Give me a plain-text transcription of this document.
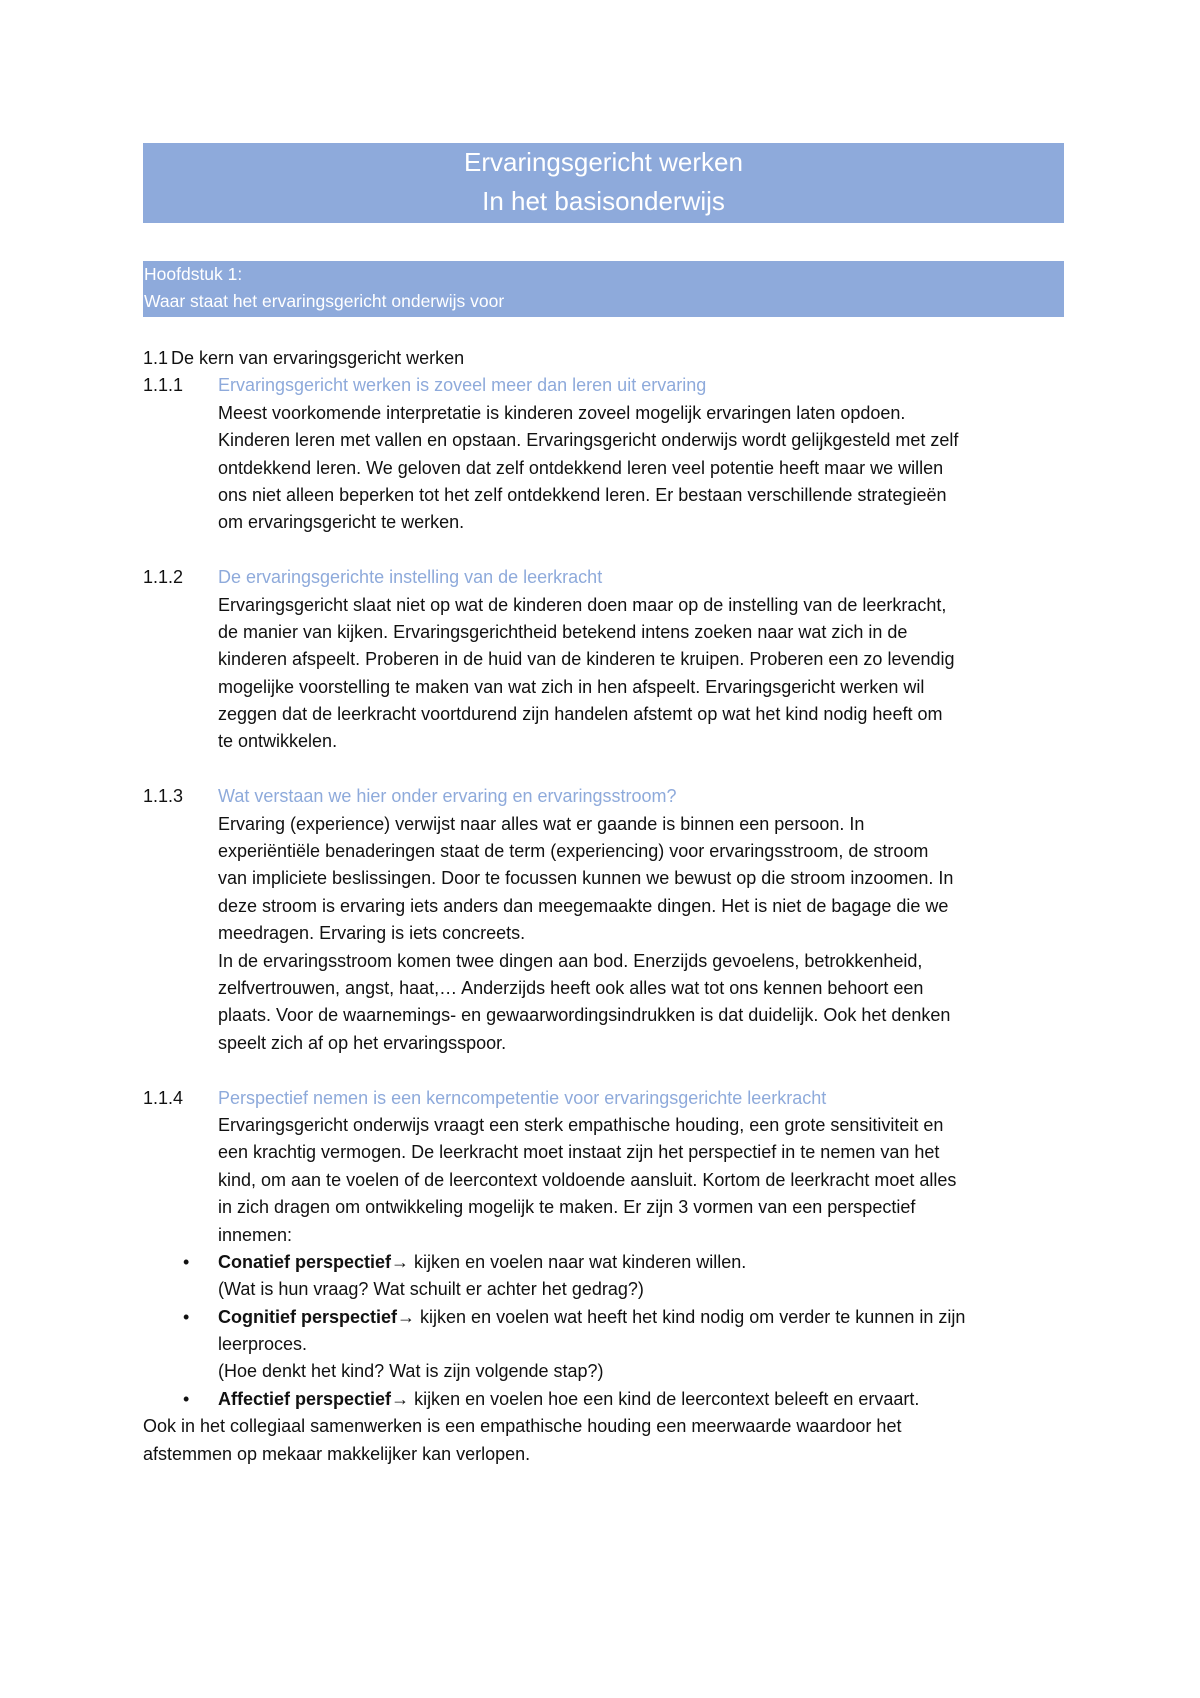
Ervaringsgericht werken
In het basisonderwijs
Hoofdstuk 1:
Waar staat het ervaringsgericht onderwijs voor
1.1 De kern van ervaringsgericht werken
1.1.1 Ervaringsgericht werken is zoveel meer dan leren uit ervaring
Meest voorkomende interpretatie is kinderen zoveel mogelijk ervaringen laten opdoen.
Kinderen leren met vallen en opstaan. Ervaringsgericht onderwijs wordt gelijkgesteld met zelf
ontdekkend leren. We geloven dat zelf ontdekkend leren veel potentie heeft maar we willen
ons niet alleen beperken tot het zelf ontdekkend leren. Er bestaan verschillende strategieën
om ervaringsgericht te werken.
1.1.2 De ervaringsgerichte instelling van de leerkracht
Ervaringsgericht slaat niet op wat de kinderen doen maar op de instelling van de leerkracht,
de manier van kijken. Ervaringsgerichtheid betekend intens zoeken naar wat zich in de
kinderen afspeelt. Proberen in de huid van de kinderen te kruipen. Proberen een zo levendig
mogelijke voorstelling te maken van wat zich in hen afspeelt. Ervaringsgericht werken wil
zeggen dat de leerkracht voortdurend zijn handelen afstemt op wat het kind nodig heeft om
te ontwikkelen.
1.1.3 Wat verstaan we hier onder ervaring en ervaringsstroom?
Ervaring (experience) verwijst naar alles wat er gaande is binnen een persoon. In
experiëntiële benaderingen staat de term (experiencing) voor ervaringsstroom, de stroom
van impliciete beslissingen. Door te focussen kunnen we bewust op die stroom inzoomen. In
deze stroom is ervaring iets anders dan meegemaakte dingen. Het is niet de bagage die we
meedragen. Ervaring is iets concreets.
In de ervaringsstroom komen twee dingen aan bod. Enerzijds gevoelens, betrokkenheid,
zelfvertrouwen, angst, haat,… Anderzijds heeft ook alles wat tot ons kennen behoort een
plaats. Voor de waarnemings- en gewaarwordingsindrukken is dat duidelijk. Ook het denken
speelt zich af op het ervaringsspoor.
1.1.4 Perspectief nemen is een kerncompetentie voor ervaringsgerichte leerkracht
Ervaringsgericht onderwijs vraagt een sterk empathische houding, een grote sensitiviteit en
een krachtig vermogen. De leerkracht moet instaat zijn het perspectief in te nemen van het
kind, om aan te voelen of de leercontext voldoende aansluit. Kortom de leerkracht moet alles
in zich dragen om ontwikkeling mogelijk te maken. Er zijn 3 vormen van een perspectief
innemen:
• Conatief perspectief→ kijken en voelen naar wat kinderen willen.
(Wat is hun vraag? Wat schuilt er achter het gedrag?)
• Cognitief perspectief→ kijken en voelen wat heeft het kind nodig om verder te kunnen in zijn
leerproces.
(Hoe denkt het kind? Wat is zijn volgende stap?)
• Affectief perspectief→ kijken en voelen hoe een kind de leercontext beleeft en ervaart.
Ook in het collegiaal samenwerken is een empathische houding een meerwaarde waardoor het
afstemmen op mekaar makkelijker kan verlopen.
